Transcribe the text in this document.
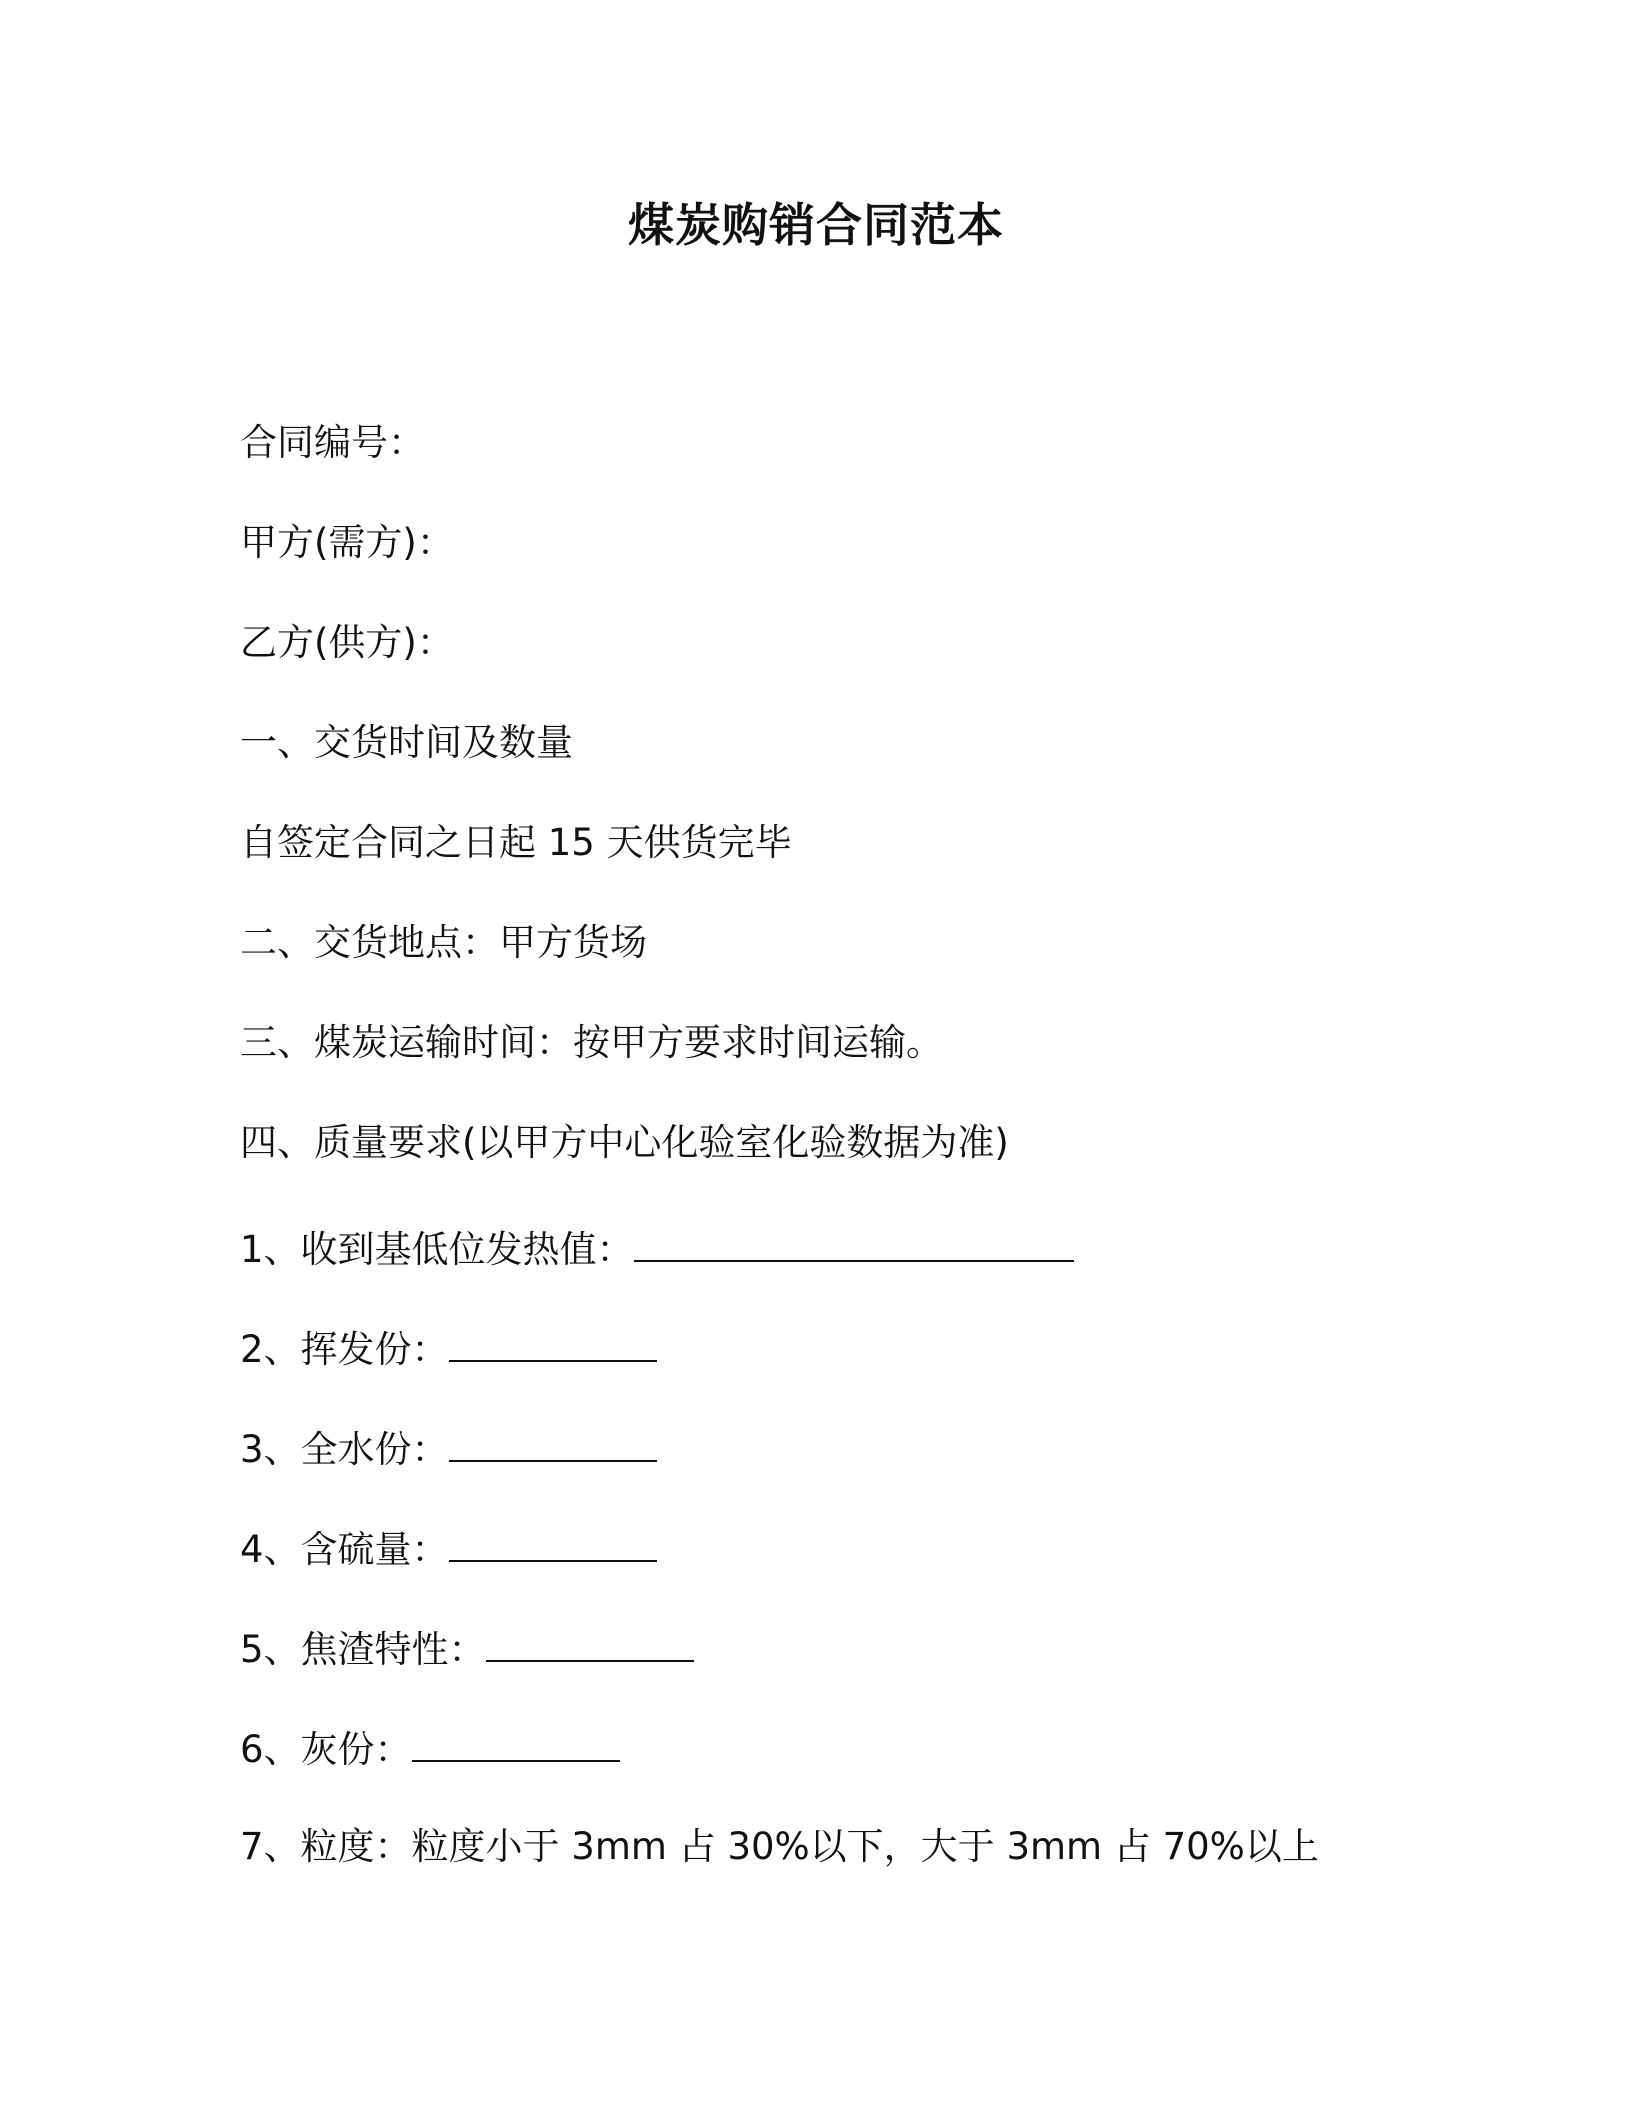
煤炭购销合同范本

合同编号：

甲方(需方)：

乙方(供方)：

一、交货时间及数量

自签定合同之日起 15 天供货完毕

二、交货地点：甲方货场

三、煤炭运输时间：按甲方要求时间运输。

四、质量要求(以甲方中心化验室化验数据为准)

1、收到基低位发热值：
2、挥发份：
3、全水份：
4、含硫量：
5、焦渣特性：
6、灰份：

7、粒度：粒度小于 3mm 占 30%以下，大于 3mm 占 70%以上
